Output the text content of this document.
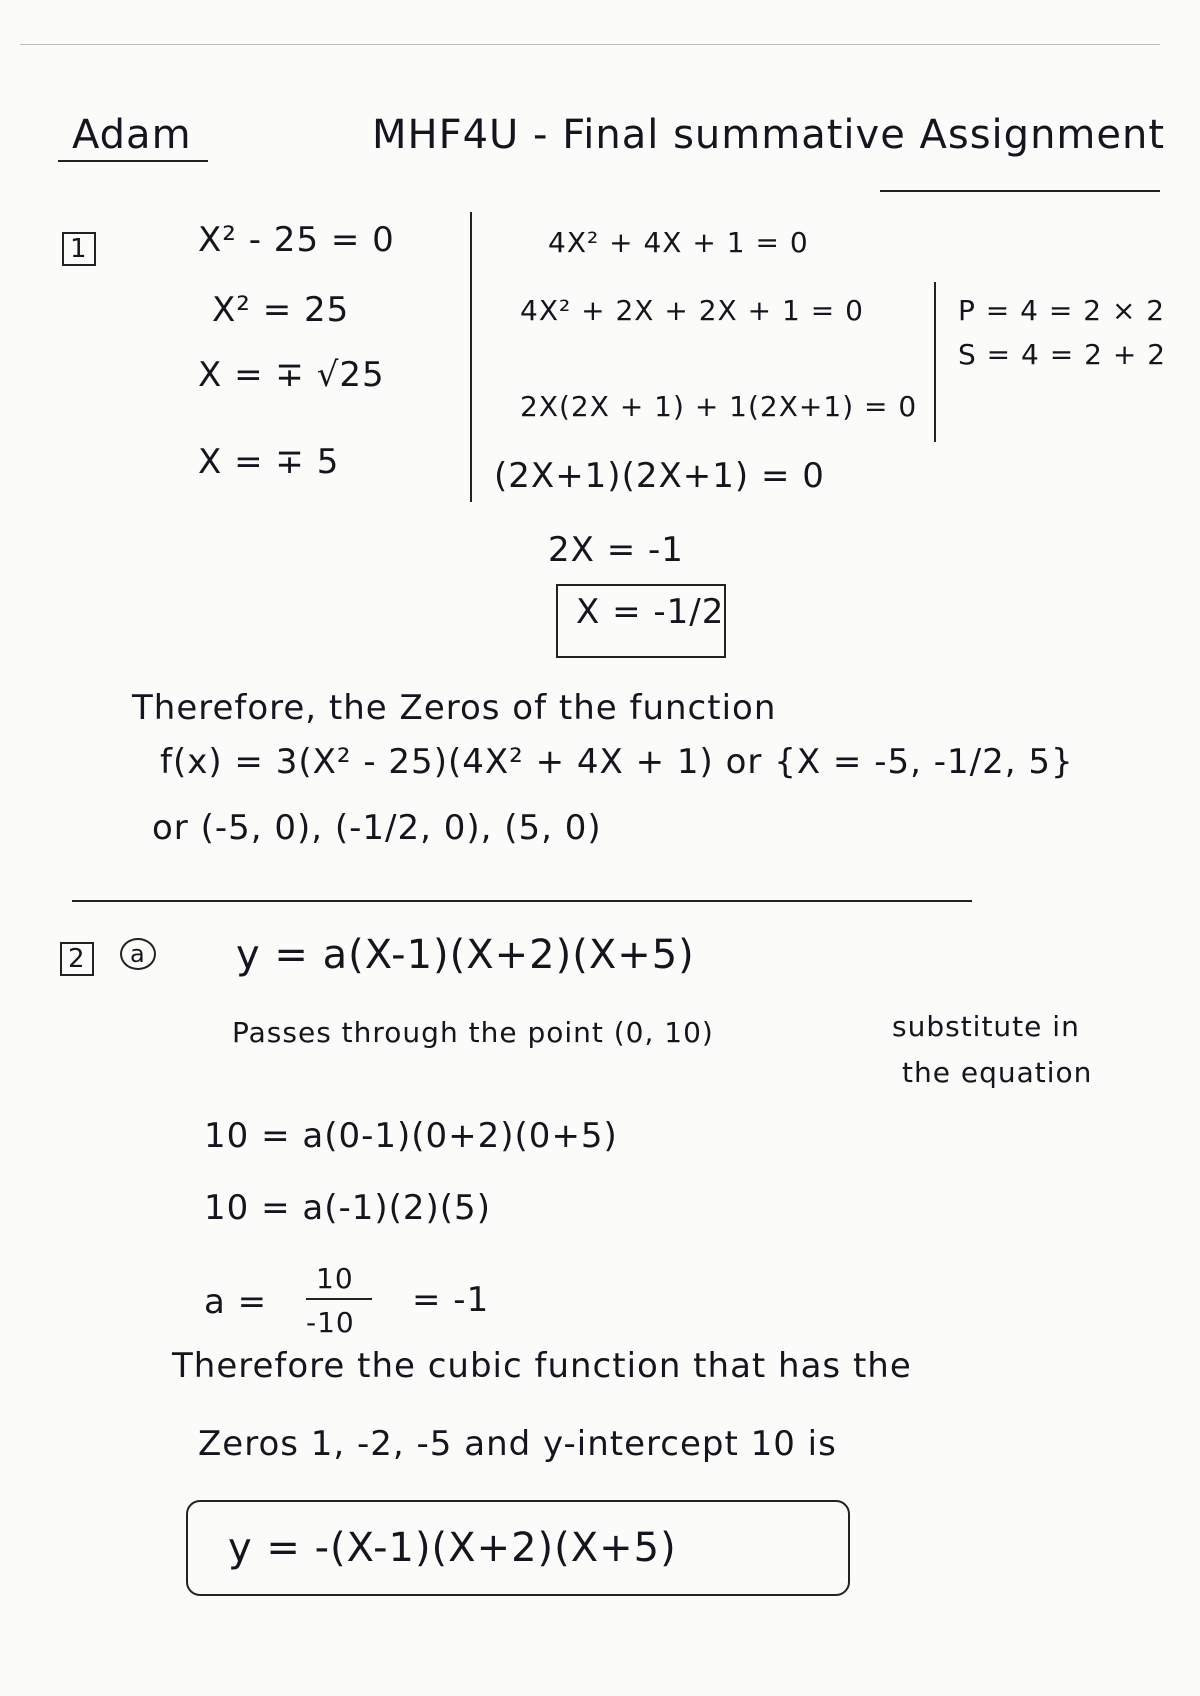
Adam	MHF4U - Final summative Assignment
1	X² - 25 = 0
X² = 25
X = ∓ √25
X = ∓ 5
4X² + 4X + 1 = 0
4X² + 2X + 2X + 1 = 0
2X(2X + 1) + 1(2X+1) = 0
(2X+1)(2X+1) = 0
2X = -1
X = -1/2
P = 4 = 2 × 2
S = 4 = 2 + 2
Therefore, the Zeros of the function
f(x) = 3(X² - 25)(4X² + 4X + 1) or {X = -5, -1/2, 5}
or (-5, 0), (-1/2, 0), (5, 0)
2	a y = a(X-1)(X+2)(X+5)
Passes through the point (0, 10)	substitute in
the equation
10 = a(0-1)(0+2)(0+5)
10 = a(-1)(2)(5)
a =
10
-10
= -1
Therefore the cubic function that has the
Zeros 1, -2, -5 and y-intercept 10 is
y = -(X-1)(X+2)(X+5)
